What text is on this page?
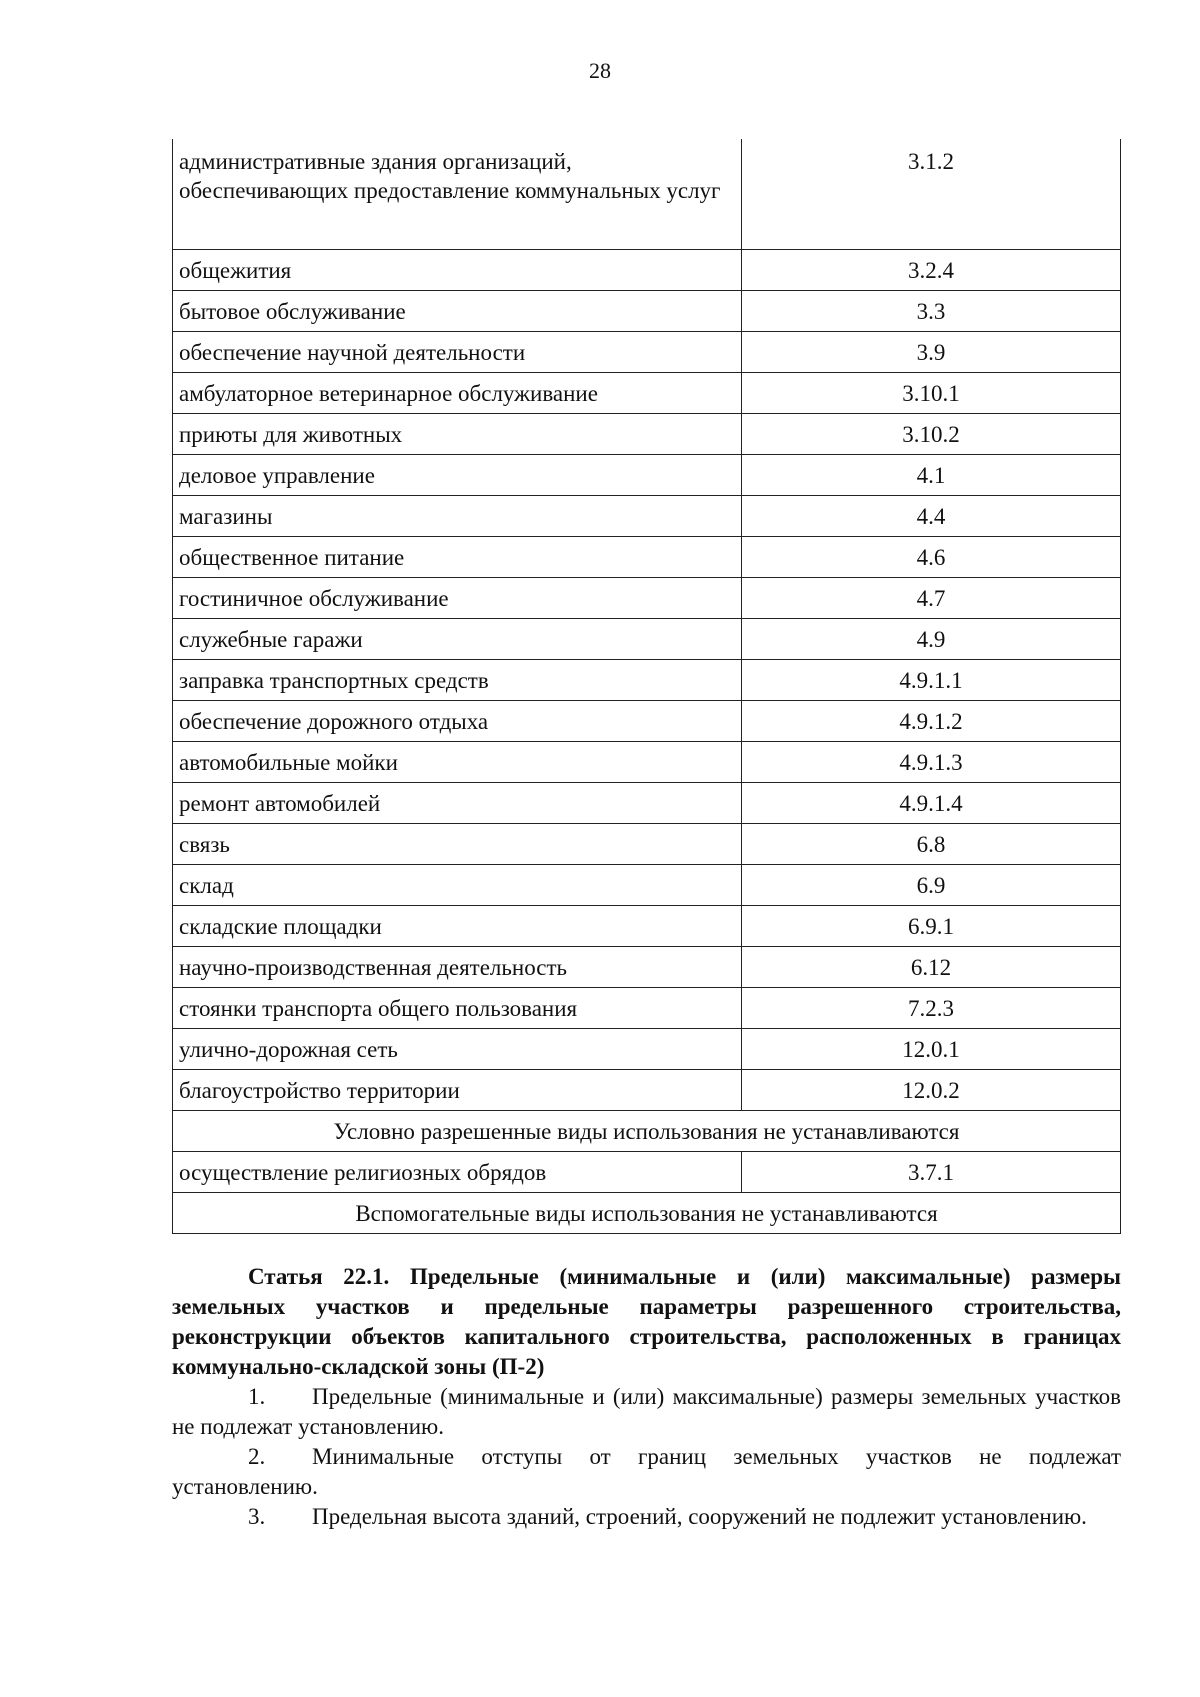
28
административные здания организаций, обеспечивающих предоставление коммунальных услуг	3.1.2
общежития	3.2.4
бытовое обслуживание	3.3
обеспечение научной деятельности	3.9
амбулаторное ветеринарное обслуживание	3.10.1
приюты для животных	3.10.2
деловое управление	4.1
магазины	4.4
общественное питание	4.6
гостиничное обслуживание	4.7
служебные гаражи	4.9
заправка транспортных средств	4.9.1.1
обеспечение дорожного отдыха	4.9.1.2
автомобильные мойки	4.9.1.3
ремонт автомобилей	4.9.1.4
связь	6.8
склад	6.9
складские площадки	6.9.1
научно-производственная деятельность	6.12
стоянки транспорта общего пользования	7.2.3
улично-дорожная сеть	12.0.1
благоустройство территории	12.0.2
Условно разрешенные виды использования не устанавливаются	
осуществление религиозных обрядов	3.7.1
Вспомогательные виды использования не устанавливаются	

Статья 22.1. Предельные (минимальные и (или) максимальные) размеры земельных участков и предельные параметры разрешенного строительства, реконструкции объектов капитального строительства, расположенных в границах коммунально-складской зоны (П-2)

1. Предельные (минимальные и (или) максимальные) размеры земельных участков не подлежат установлению.

2. Минимальные отступы от границ земельных участков не подлежат установлению.

3. Предельная высота зданий, строений, сооружений не подлежит установлению.
